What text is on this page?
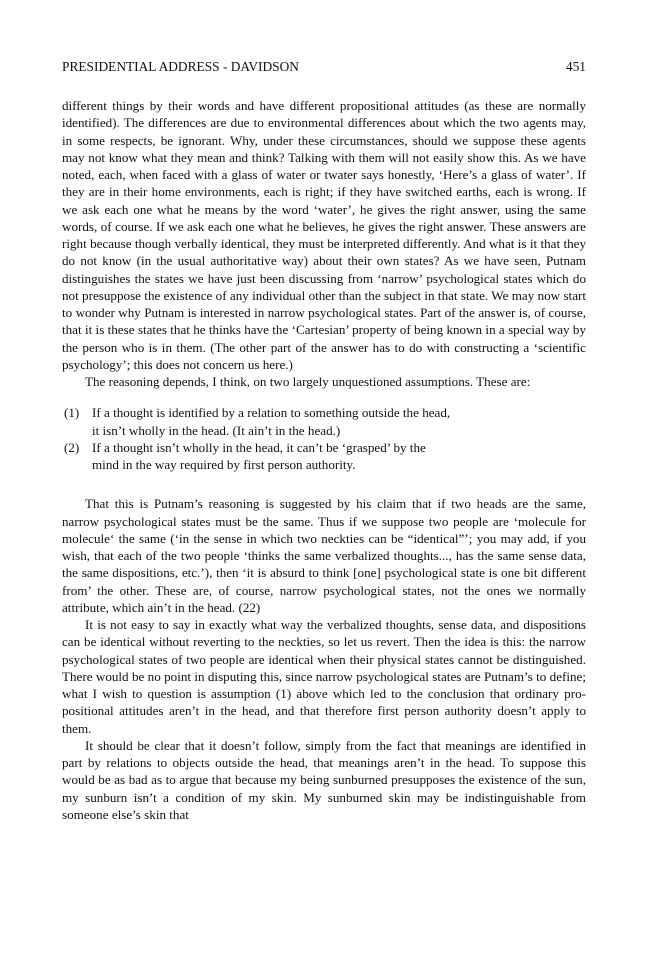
PRESIDENTIAL ADDRESS - DAVIDSON	451

different things by their words and have different propositional attitudes (as these are normally identified). The differences are due to environmental differences about which the two agents may, in some respects, be ignorant. Why, under these circumstances, should we suppose these agents may not know what they mean and think? Talking with them will not easily show this. As we have noted, each, when faced with a glass of water or twater says honestly, ‘Here’s a glass of water’. If they are in their home environments, each is right; if they have switched earths, each is wrong. If we ask each one what he means by the word ‘water’, he gives the right answer, using the same words, of course. If we ask each one what he believes, he gives the right answer. These answers are right because though verbally identical, they must be interpreted differently. And what is it that they do not know (in the usual authoritative way) about their own states? As we have seen, Putnam distinguishes the states we have just been discussing from ‘narrow’ psychological states which do not presuppose the existence of any individual other than the subject in that state. We may now start to wonder why Putnam is interested in narrow psychological states. Part of the answer is, of course, that it is these states that he thinks have the ‘Cartesian’ property of being known in a special way by the person who is in them. (The other part of the answer has to do with constructing a ‘scientific psychology’; this does not concern us here.)

The reasoning depends, I think, on two largely unquestioned assumptions. These are:

(1) If a thought is identified by a relation to something outside the head,
it isn’t wholly in the head. (It ain’t in the head.)
(2) If a thought isn’t wholly in the head, it can’t be ‘grasped’ by the
mind in the way required by first person authority.

That this is Putnam’s reasoning is suggested by his claim that if two heads are the same, narrow psychological states must be the same. Thus if we suppose two people are ‘molecule for molecule‘ the same (‘in the sense in which two neckties can be “identical”’; you may add, if you wish, that each of the two people ‘thinks the same verbalized thoughts..., has the same sense data, the same dispositions, etc.’), then ‘it is absurd to think [one] psychological state is one bit different from’ the other. These are, of course, narrow psychological states, not the ones we normally attribute, which ain’t in the head. (22)

It is not easy to say in exactly what way the verbalized thoughts, sense data, and dispositions can be identical without reverting to the neckties, so let us revert. Then the idea is this: the narrow psychological states of two people are identical when their physical states cannot be distinguished. There would be no point in disputing this, since narrow psychological states are Putnam’s to define; what I wish to question is assumption (1) above which led to the conclusion that ordinary propositional attitudes aren’t in the head, and that therefore first person authority doesn’t apply to them.

It should be clear that it doesn’t follow, simply from the fact that meanings are identified in part by relations to objects outside the head, that meanings aren’t in the head. To suppose this would be as bad as to argue that because my being sunburned presupposes the existence of the sun, my sunburn isn’t a condition of my skin. My sunburned skin may be indistinguishable from someone else’s skin that
